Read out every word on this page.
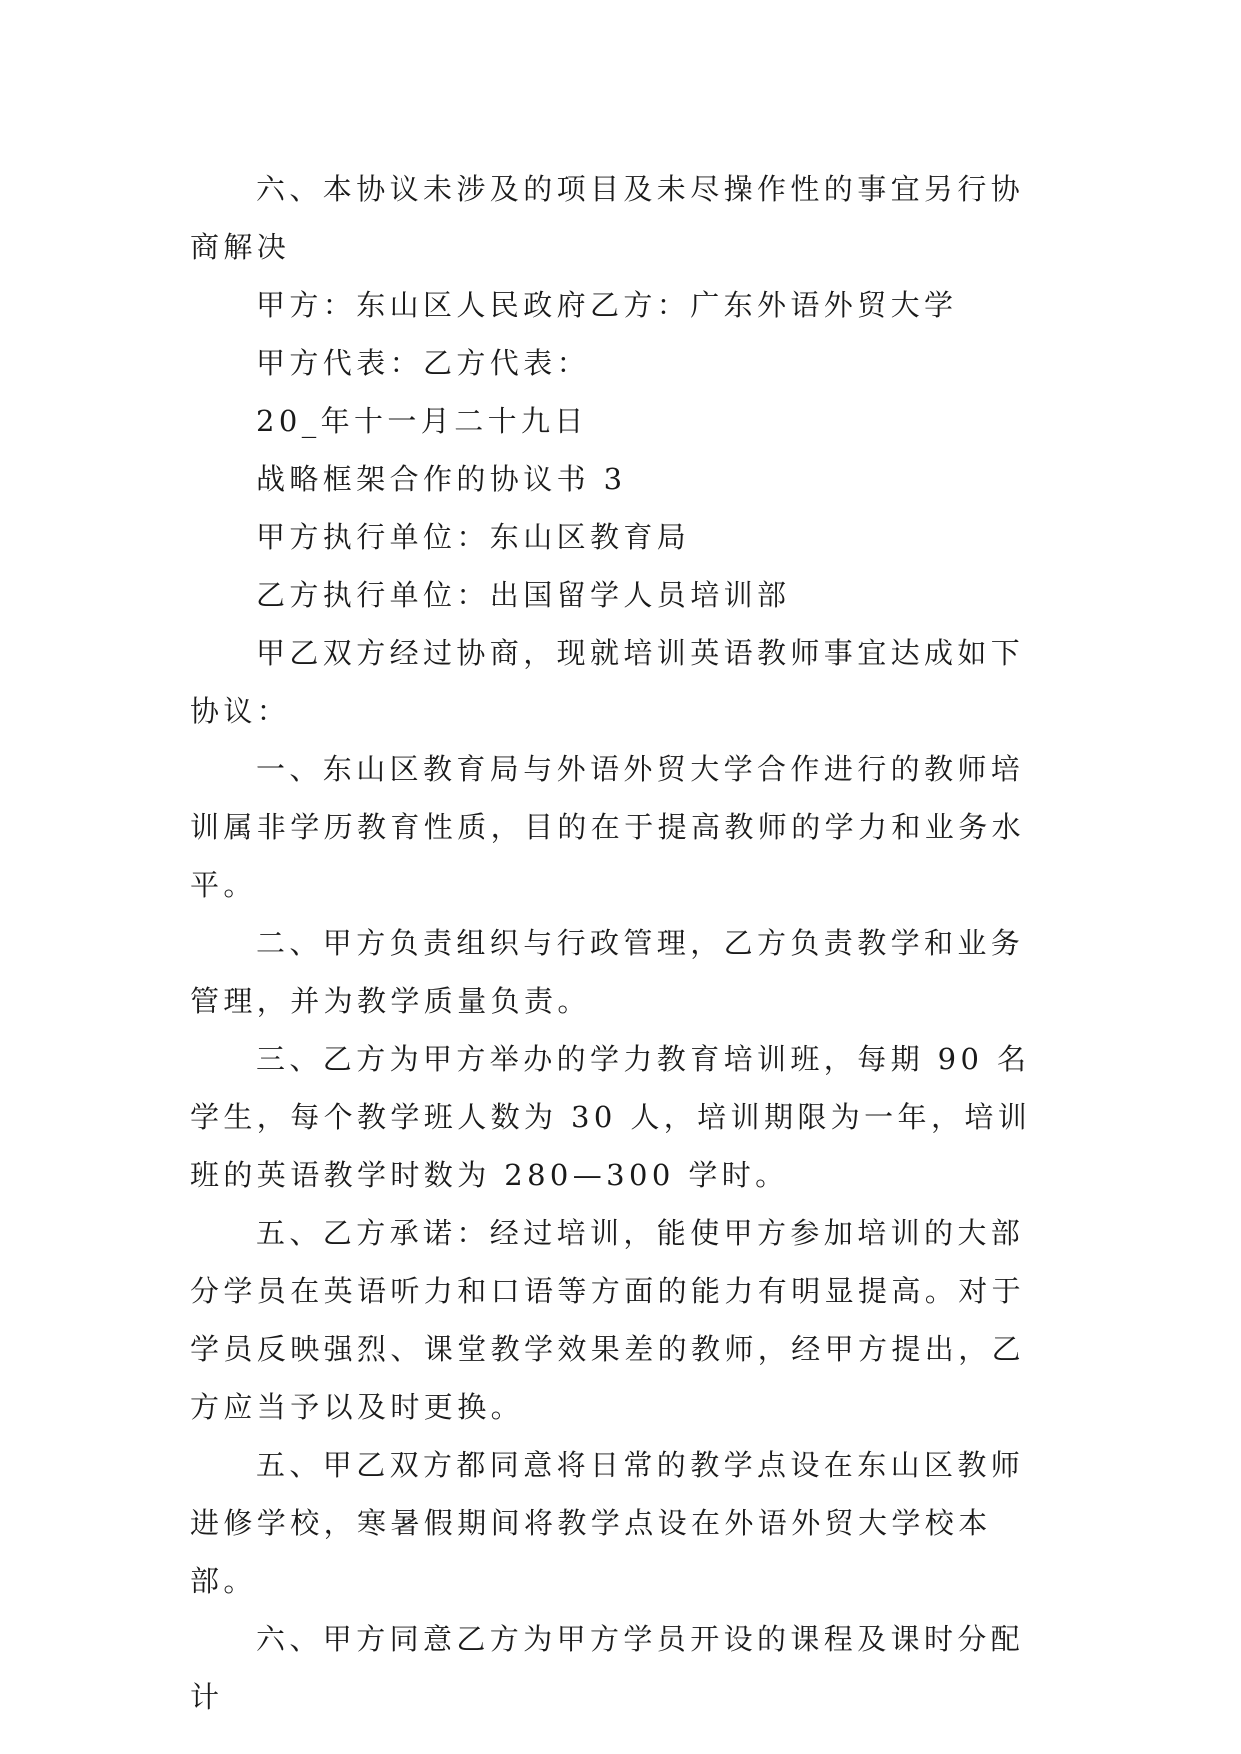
六、本协议未涉及的项目及未尽操作性的事宜另行协商解决

甲方：东山区人民政府乙方：广东外语外贸大学

甲方代表：乙方代表：

20_年十一月二十九日

战略框架合作的协议书 3

甲方执行单位：东山区教育局

乙方执行单位：出国留学人员培训部

甲乙双方经过协商，现就培训英语教师事宜达成如下协议：

一、东山区教育局与外语外贸大学合作进行的教师培训属非学历教育性质，目的在于提高教师的学力和业务水平。

二、甲方负责组织与行政管理，乙方负责教学和业务管理，并为教学质量负责。

三、乙方为甲方举办的学力教育培训班，每期 90 名学生，每个教学班人数为 30 人，培训期限为一年，培训班的英语教学时数为 280—300 学时。

五、乙方承诺：经过培训，能使甲方参加培训的大部分学员在英语听力和口语等方面的能力有明显提高。对于学员反映强烈、课堂教学效果差的教师，经甲方提出，乙方应当予以及时更换。

五、甲乙双方都同意将日常的教学点设在东山区教师进修学校，寒暑假期间将教学点设在外语外贸大学校本部。

六、甲方同意乙方为甲方学员开设的课程及课时分配计
